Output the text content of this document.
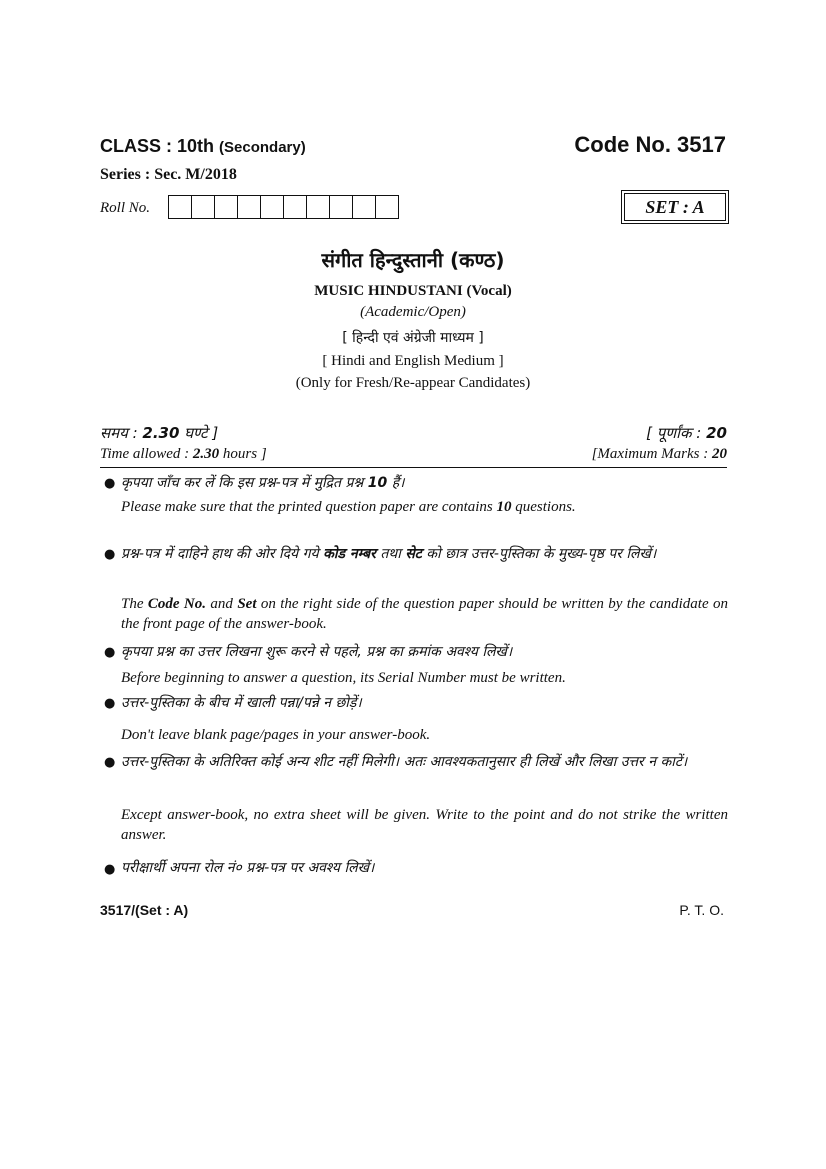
CLASS : 10th (Secondary)	Code No. 3517
Series : Sec. M/2018
Roll No.	SET : A
संगीत हिन्दुस्तानी (कण्ठ)
MUSIC HINDUSTANI (Vocal)
(Academic/Open)
[ हिन्दी एवं अंग्रेजी माध्यम ]
[ Hindi and English Medium ]
(Only for Fresh/Re-appear Candidates)
समय : 2.30 घण्टे ]	[ पूर्णांक : 20
Time allowed : 2.30 hours ]	[Maximum Marks : 20
● कृपया जाँच कर लें कि इस प्रश्न-पत्र में मुद्रित प्रश्न 10 हैं।
Please make sure that the printed question paper are contains 10 questions.
● प्रश्न-पत्र में दाहिने हाथ की ओर दिये गये कोड नम्बर तथा सेट को छात्र उत्तर-पुस्तिका के मुख्य-पृष्ठ पर लिखें।
The Code No. and Set on the right side of the question paper should be written by the candidate on the front page of the answer-book.
● कृपया प्रश्न का उत्तर लिखना शुरू करने से पहले, प्रश्न का क्रमांक अवश्य लिखें।
Before beginning to answer a question, its Serial Number must be written.
● उत्तर-पुस्तिका के बीच में खाली पन्ना/पन्ने न छोड़ें।
Don't leave blank page/pages in your answer-book.
● उत्तर-पुस्तिका के अतिरिक्त कोई अन्य शीट नहीं मिलेगी। अतः आवश्यकतानुसार ही लिखें और लिखा उत्तर न काटें।
Except answer-book, no extra sheet will be given. Write to the point and do not strike the written answer.
● परीक्षार्थी अपना रोल नं० प्रश्न-पत्र पर अवश्य लिखें।
3517/(Set : A)	P. T. O.
